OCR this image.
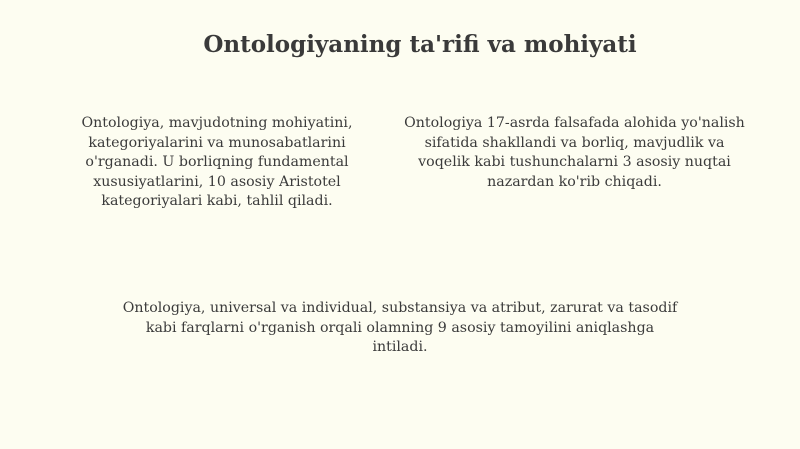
Ontologiyaning ta'rifi va mohiyati

Ontologiya, mavjudotning mohiyatini, kategoriyalarini va munosabatlarini o'rganadi. U borliqning fundamental xususiyatlarini, 10 asosiy Aristotel kategoriyalari kabi, tahlil qiladi.

Ontologiya 17-asrda falsafada alohida yo'nalish sifatida shakllandi va borliq, mavjudlik va voqelik kabi tushunchalarni 3 asosiy nuqtai nazardan ko'rib chiqadi.

Ontologiya, universal va individual, substansiya va atribut, zarurat va tasodif kabi farqlarni o'rganish orqali olamning 9 asosiy tamoyilini aniqlashga intiladi.
